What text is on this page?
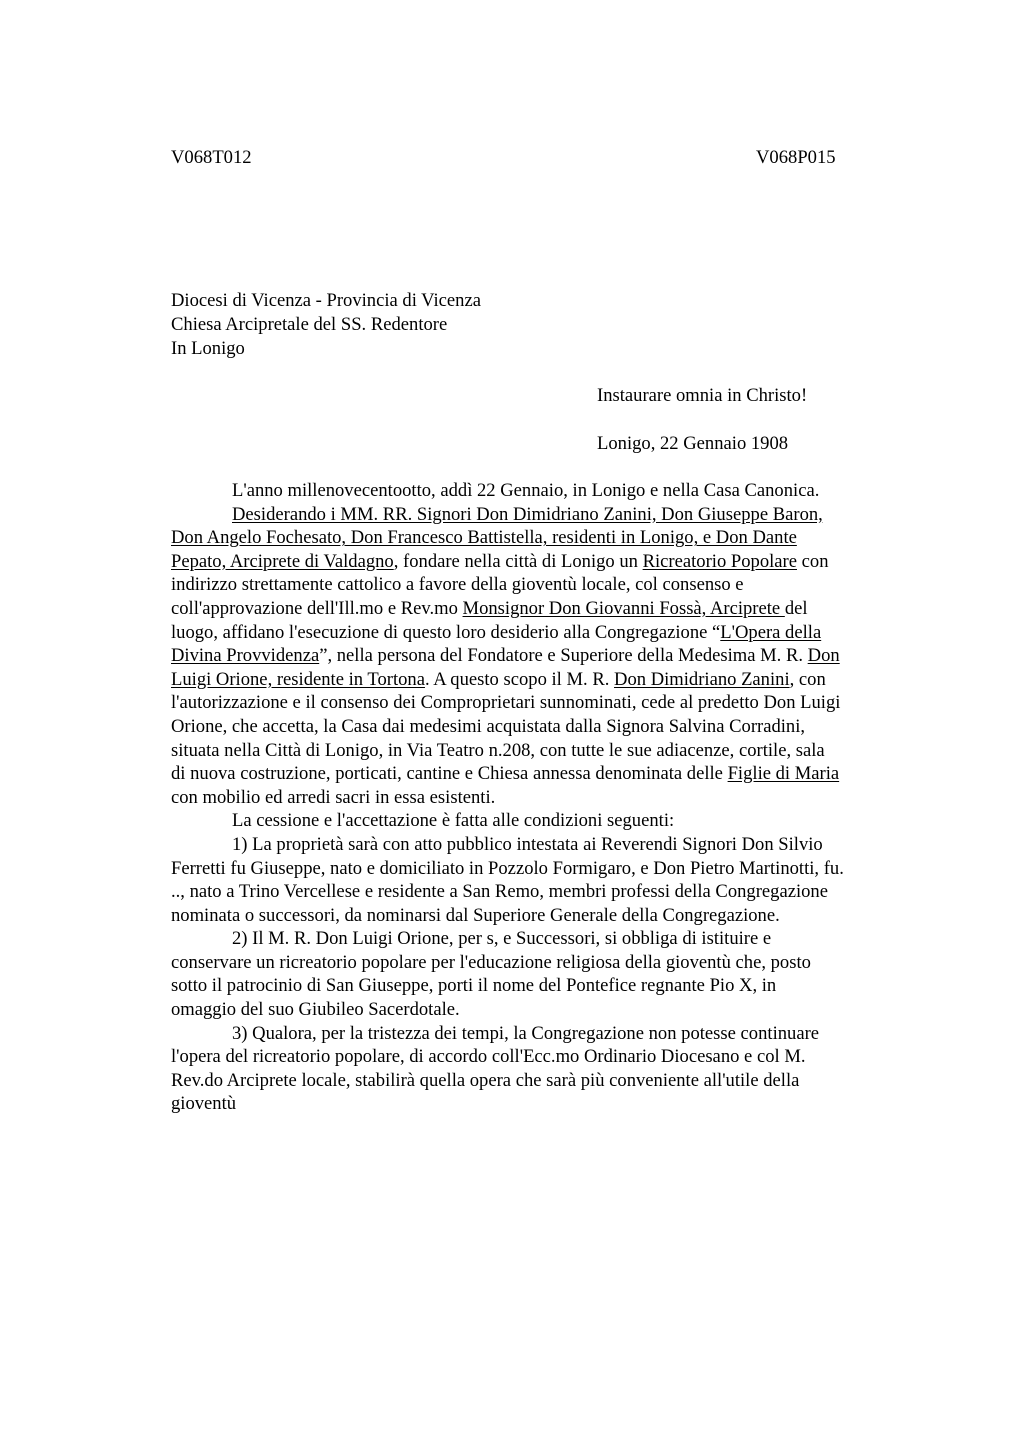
V068T012	V068P015
Diocesi di Vicenza - Provincia di Vicenza
Chiesa Arcipretale del SS. Redentore
In Lonigo
Instaurare omnia in Christo!
Lonigo, 22 Gennaio 1908
L'anno millenovecentootto, addì 22 Gennaio, in Lonigo e nella Casa Canonica.
Desiderando i MM. RR. Signori Don Dimidriano Zanini, Don Giuseppe Baron,
Don Angelo Fochesato, Don Francesco Battistella, residenti in Lonigo, e Don Dante
Pepato, Arciprete di Valdagno, fondare nella città di Lonigo un Ricreatorio Popolare con
indirizzo strettamente cattolico a favore della gioventù locale, col consenso e
coll'approvazione dell'Ill.mo e Rev.mo Monsignor Don Giovanni Fossà, Arciprete del
luogo, affidano l'esecuzione di questo loro desiderio alla Congregazione “L'Opera della
Divina Provvidenza”, nella persona del Fondatore e Superiore della Medesima M. R. Don
Luigi Orione, residente in Tortona. A questo scopo il M. R. Don Dimidriano Zanini, con
l'autorizzazione e il consenso dei Comproprietari sunnominati, cede al predetto Don Luigi
Orione, che accetta, la Casa dai medesimi acquistata dalla Signora Salvina Corradini,
situata nella Città di Lonigo, in Via Teatro n.208, con tutte le sue adiacenze, cortile, sala
di nuova costruzione, porticati, cantine e Chiesa annessa denominata delle Figlie di Maria
con mobilio ed arredi sacri in essa esistenti.
La cessione e l'accettazione è fatta alle condizioni seguenti:
1) La proprietà sarà con atto pubblico intestata ai Reverendi Signori Don Silvio
Ferretti fu Giuseppe, nato e domiciliato in Pozzolo Formigaro, e Don Pietro Martinotti, fu.
.., nato a Trino Vercellese e residente a San Remo, membri professi della Congregazione
nominata o successori, da nominarsi dal Superiore Generale della Congregazione.
2) Il M. R. Don Luigi Orione, per s, e Successori, si obbliga di istituire e
conservare un ricreatorio popolare per l'educazione religiosa della gioventù che, posto
sotto il patrocinio di San Giuseppe, porti il nome del Pontefice regnante Pio X, in
omaggio del suo Giubileo Sacerdotale.
3) Qualora, per la tristezza dei tempi, la Congregazione non potesse continuare
l'opera del ricreatorio popolare, di accordo coll'Ecc.mo Ordinario Diocesano e col M.
Rev.do Arciprete locale, stabilirà quella opera che sarà più conveniente all'utile della
gioventù
